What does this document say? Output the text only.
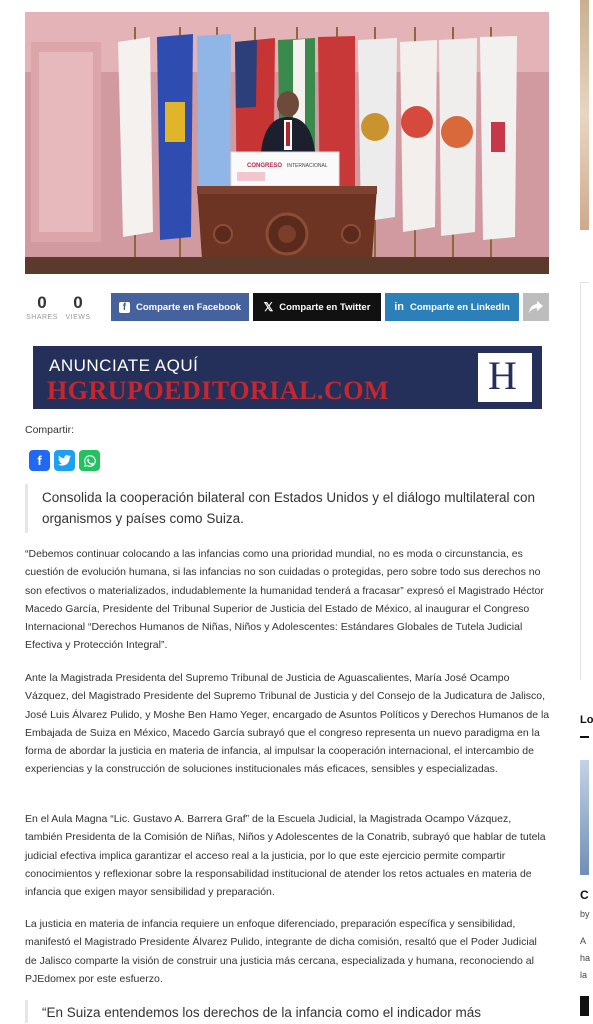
CONGRESO INTERNACIONAL
0
SHARES
0
VIEWS
f	Comparte en Facebook 𝕏 Comparte en Twitter in Comparte en LinkedIn
ANUNCIATE AQUÍ
HGRUPOEDITORIAL.COM H
Compartir:
f

Consolida la cooperación bilateral con Estados Unidos y el diálogo multilateral con organismos y países como Suiza.

“Debemos continuar colocando a las infancias como una prioridad mundial, no es moda o circunstancia, es cuestión de evolución humana, si las infancias no son cuidadas o protegidas, pero sobre todo sus derechos no son efectivos o materializados, indudablemente la humanidad tenderá a fracasar” expresó el Magistrado Héctor Macedo García, Presidente del Tribunal Superior de Justicia del Estado de México, al inaugurar el Congreso Internacional “Derechos Humanos de Niñas, Niños y Adolescentes: Estándares Globales de Tutela Judicial Efectiva y Protección Integral”.

Ante la Magistrada Presidenta del Supremo Tribunal de Justicia de Aguascalientes, María José Ocampo Vázquez, del Magistrado Presidente del Supremo Tribunal de Justicia y del Consejo de la Judicatura de Jalisco, José Luis Álvarez Pulido, y Moshe Ben Hamo Yeger, encargado de Asuntos Políticos y Derechos Humanos de la Embajada de Suiza en México, Macedo García subrayó que el congreso representa un nuevo paradigma en la forma de abordar la justicia en materia de infancia, al impulsar la cooperación internacional, el intercambio de experiencias y la construcción de soluciones institucionales más eficaces, sensibles y especializadas.

En el Aula Magna “Lic. Gustavo A. Barrera Graf” de la Escuela Judicial, la Magistrada Ocampo Vázquez, también Presidenta de la Comisión de Niñas, Niños y Adolescentes de la Conatrib, subrayó que hablar de tutela judicial efectiva implica garantizar el acceso real a la justicia, por lo que este ejercicio permite compartir conocimientos y reflexionar sobre la responsabilidad institucional de atender los retos actuales en materia de infancia que exigen mayor sensibilidad y preparación.

La justicia en materia de infancia requiere un enfoque diferenciado, preparación específica y sensibilidad, manifestó el Magistrado Presidente Álvarez Pulido, integrante de dicha comisión, resaltó que el Poder Judicial de Jalisco comparte la visión de construir una justicia más cercana, especializada y humana, reconociendo al PJEdomex por este esfuerzo.

“En Suiza entendemos los derechos de la infancia como el indicador más

Lo
C
by
A
ha
la
